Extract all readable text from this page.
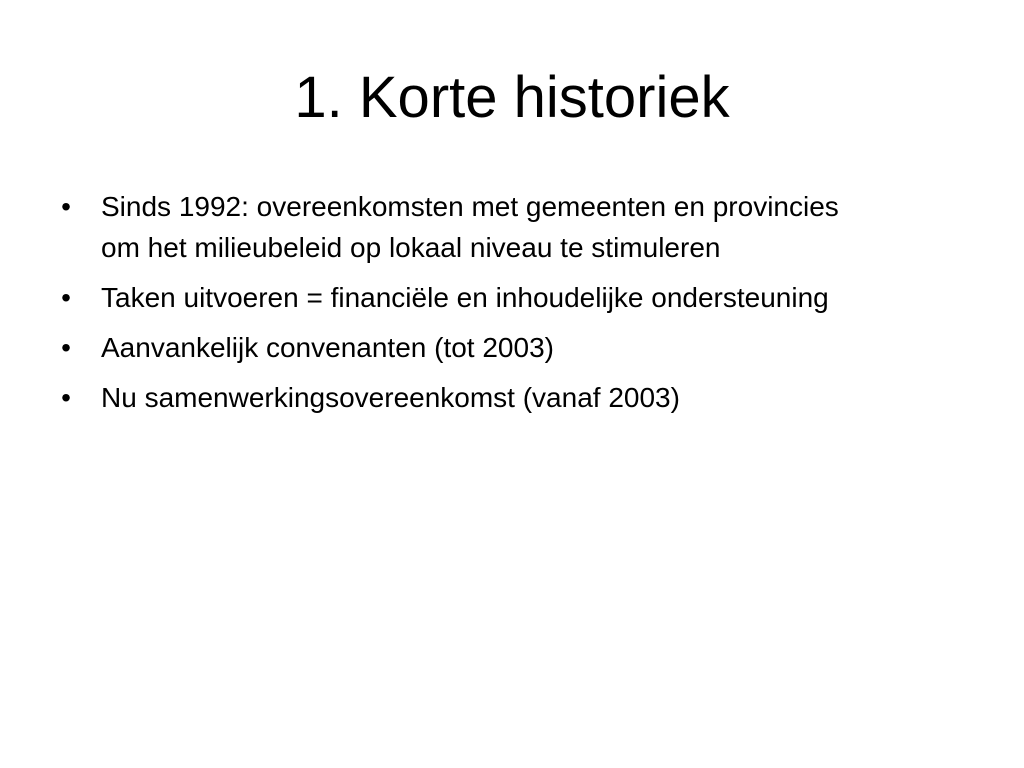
1. Korte historiek
• Sinds 1992: overeenkomsten met gemeenten en provincies om het milieubeleid op lokaal niveau te stimuleren
• Taken uitvoeren = financiële en inhoudelijke ondersteuning
• Aanvankelijk convenanten (tot 2003)
• Nu samenwerkingsovereenkomst (vanaf 2003)
